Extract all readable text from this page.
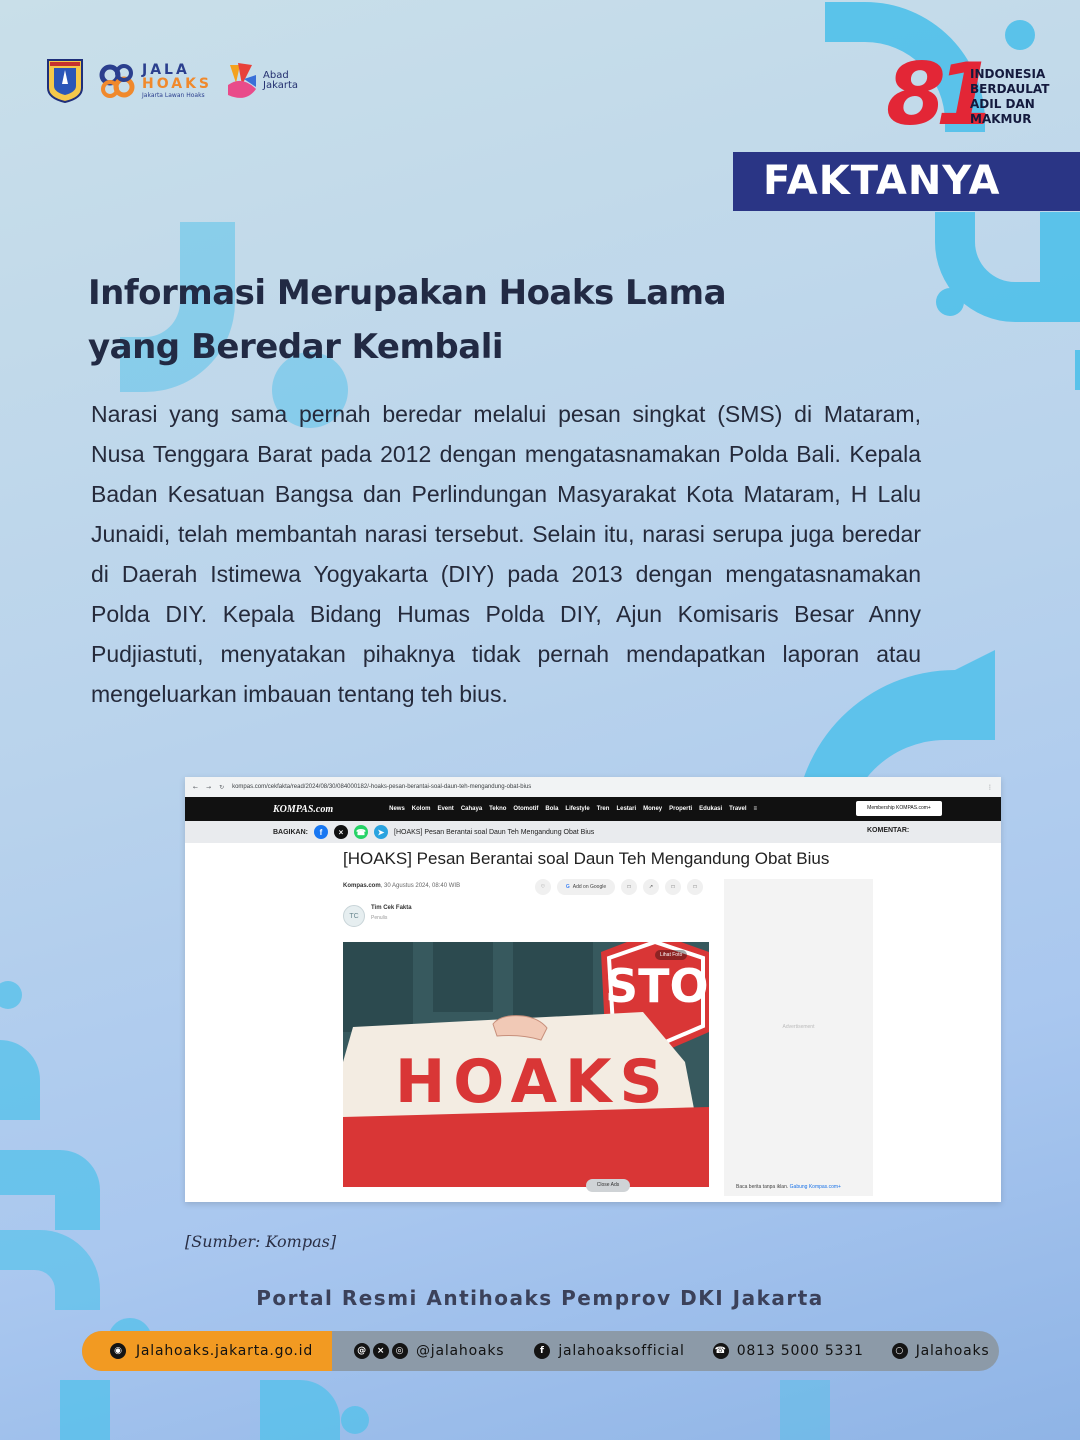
JALA
HOAKS
Jakarta Lawan Hoaks
Abad
Jakarta	81
INDONESIA
BERDAULAT
ADIL DAN
MAKMUR
FAKTANYA
Informasi Merupakan Hoaks Lama
yang Beredar Kembali

Narasi yang sama pernah beredar melalui pesan singkat (SMS) di Mataram, Nusa Tenggara Barat pada 2012 dengan mengatasnamakan Polda Bali. Kepala Badan Kesatuan Bangsa dan Perlindungan Masyarakat Kota Mataram, H Lalu Junaidi, telah membantah narasi tersebut. Selain itu, narasi serupa juga beredar di Daerah Istimewa Yogyakarta (DIY) pada 2013 dengan mengatasnamakan Polda DIY. Kepala Bidang Humas Polda DIY, Ajun Komisaris Besar Anny Pudjiastuti, menyatakan pihaknya tidak pernah mendapatkan laporan atau mengeluarkan imbauan tentang teh bius.

← → ↻ kompas.com/cekfakta/read/2024/08/30/084000182/-hoaks-pesan-berantai-soal-daun-teh-mengandung-obat-bius	⋮
KOMPAS.com	News Kolom Event Cahaya Tekno Otomotif Bola Lifestyle Tren Lestari Money Properti Edukasi Travel ≡	Membership KOMPAS.com+
BAGIKAN:	f	×	☎	➤	[HOAKS] Pesan Berantai soal Daun Teh Mengandung Obat Bius	KOMENTAR:
[HOAKS] Pesan Berantai soal Daun Teh Mengandung Obat Bius
Kompas.com, 30 Agustus 2024, 08:40 WIB	♡	G Add on Google	□	↗	□	□
TC
Tim Cek Fakta
Penulis
STO
HOAKS
Lihat Foto
Close Ads
Advertisement
Baca berita tanpa iklan. Gabung Kompas.com+
[Sumber: Kompas]
Portal Resmi Antihoaks Pemprov DKI Jakarta
◉ Jalahoaks.jakarta.go.id	@	×	◎ @jalahoaks	f jalahoaksofficial	☎ 0813 5000 5331	○ Jalahoaks
